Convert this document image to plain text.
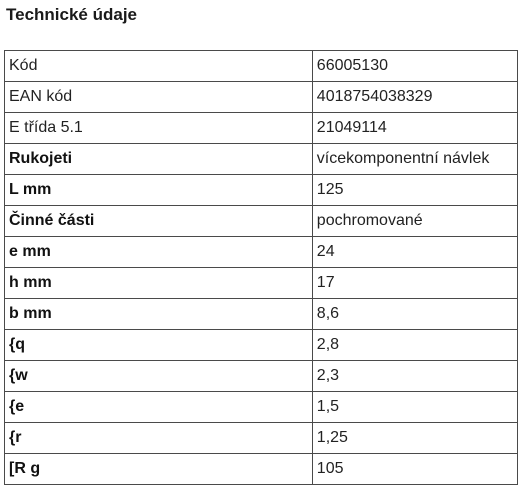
Technické údaje
Kód	66005130
EAN kód	4018754038329
E třída 5.1	21049114
Rukojeti	vícekomponentní návlek
L mm	125
Činné části	pochromované
e mm	24
h mm	17
b mm	8,6
{q	2,8
{w	2,3
{e	1,5
{r	1,25
[R g	105
